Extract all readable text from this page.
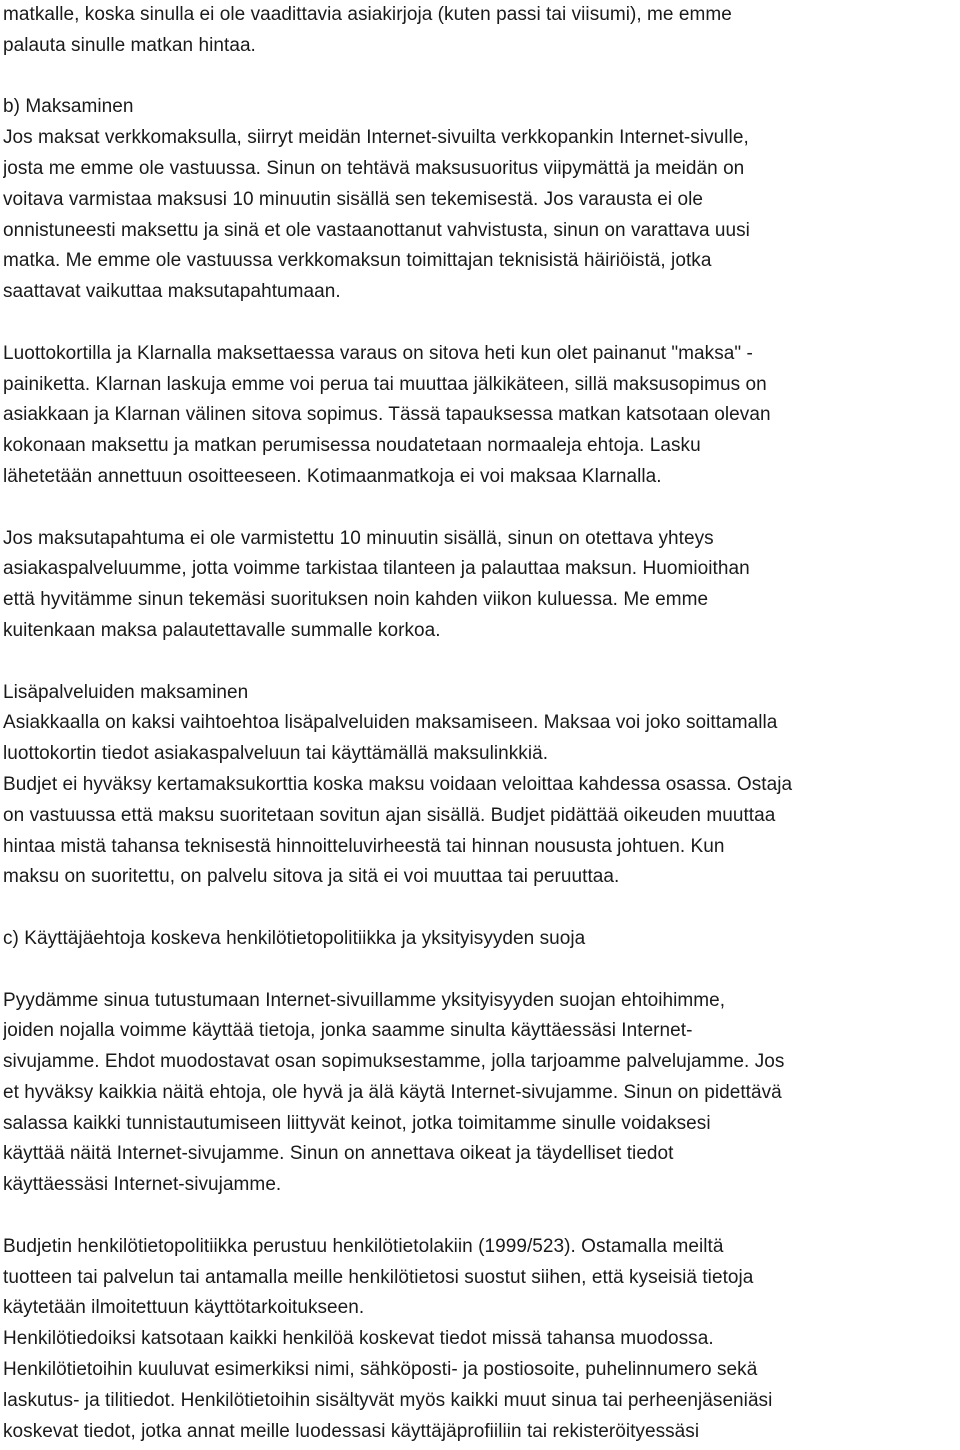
matkalle, koska sinulla ei ole vaadittavia asiakirjoja (kuten passi tai viisumi), me emme
palauta sinulle matkan hintaa.
b) Maksaminen
Jos maksat verkkomaksulla, siirryt meidän Internet-sivuilta verkkopankin Internet-sivulle,
josta me emme ole vastuussa. Sinun on tehtävä maksusuoritus viipymättä ja meidän on
voitava varmistaa maksusi 10 minuutin sisällä sen tekemisestä. Jos varausta ei ole
onnistuneesti maksettu ja sinä et ole vastaanottanut vahvistusta, sinun on varattava uusi
matka. Me emme ole vastuussa verkkomaksun toimittajan teknisistä häiriöistä, jotka
saattavat vaikuttaa maksutapahtumaan.
Luottokortilla ja Klarnalla maksettaessa varaus on sitova heti kun olet painanut "maksa" -
painiketta. Klarnan laskuja emme voi perua tai muuttaa jälkikäteen, sillä maksusopimus on
asiakkaan ja Klarnan välinen sitova sopimus. Tässä tapauksessa matkan katsotaan olevan
kokonaan maksettu ja matkan perumisessa noudatetaan normaaleja ehtoja. Lasku
lähetetään annettuun osoitteeseen. Kotimaanmatkoja ei voi maksaa Klarnalla.
Jos maksutapahtuma ei ole varmistettu 10 minuutin sisällä, sinun on otettava yhteys
asiakaspalveluumme, jotta voimme tarkistaa tilanteen ja palauttaa maksun. Huomioithan
että hyvitämme sinun tekemäsi suorituksen noin kahden viikon kuluessa. Me emme
kuitenkaan maksa palautettavalle summalle korkoa.
Lisäpalveluiden maksaminen
Asiakkaalla on kaksi vaihtoehtoa lisäpalveluiden maksamiseen. Maksaa voi joko soittamalla
luottokortin tiedot asiakaspalveluun tai käyttämällä maksulinkkiä.
Budjet ei hyväksy kertamaksukorttia koska maksu voidaan veloittaa kahdessa osassa. Ostaja
on vastuussa että maksu suoritetaan sovitun ajan sisällä. Budjet pidättää oikeuden muuttaa
hintaa mistä tahansa teknisestä hinnoitteluvirheestä tai hinnan noususta johtuen. Kun
maksu on suoritettu, on palvelu sitova ja sitä ei voi muuttaa tai peruuttaa.
c) Käyttäjäehtoja koskeva henkilötietopolitiikka ja yksityisyyden suoja
Pyydämme sinua tutustumaan Internet-sivuillamme yksityisyyden suojan ehtoihimme,
joiden nojalla voimme käyttää tietoja, jonka saamme sinulta käyttäessäsi Internet-
sivujamme. Ehdot muodostavat osan sopimuksestamme, jolla tarjoamme palvelujamme. Jos
et hyväksy kaikkia näitä ehtoja, ole hyvä ja älä käytä Internet-sivujamme. Sinun on pidettävä
salassa kaikki tunnistautumiseen liittyvät keinot, jotka toimitamme sinulle voidaksesi
käyttää näitä Internet-sivujamme. Sinun on annettava oikeat ja täydelliset tiedot
käyttäessäsi Internet-sivujamme.
Budjetin henkilötietopolitiikka perustuu henkilötietolakiin (1999/523). Ostamalla meiltä
tuotteen tai palvelun tai antamalla meille henkilötietosi suostut siihen, että kyseisiä tietoja
käytetään ilmoitettuun käyttötarkoitukseen.
Henkilötiedoiksi katsotaan kaikki henkilöä koskevat tiedot missä tahansa muodossa.
Henkilötietoihin kuuluvat esimerkiksi nimi, sähköposti- ja postiosoite, puhelinnumero sekä
laskutus- ja tilitiedot. Henkilötietoihin sisältyvät myös kaikki muut sinua tai perheenjäseniäsi
koskevat tiedot, jotka annat meille luodessasi käyttäjäprofiiliin tai rekisteröityessäsi
